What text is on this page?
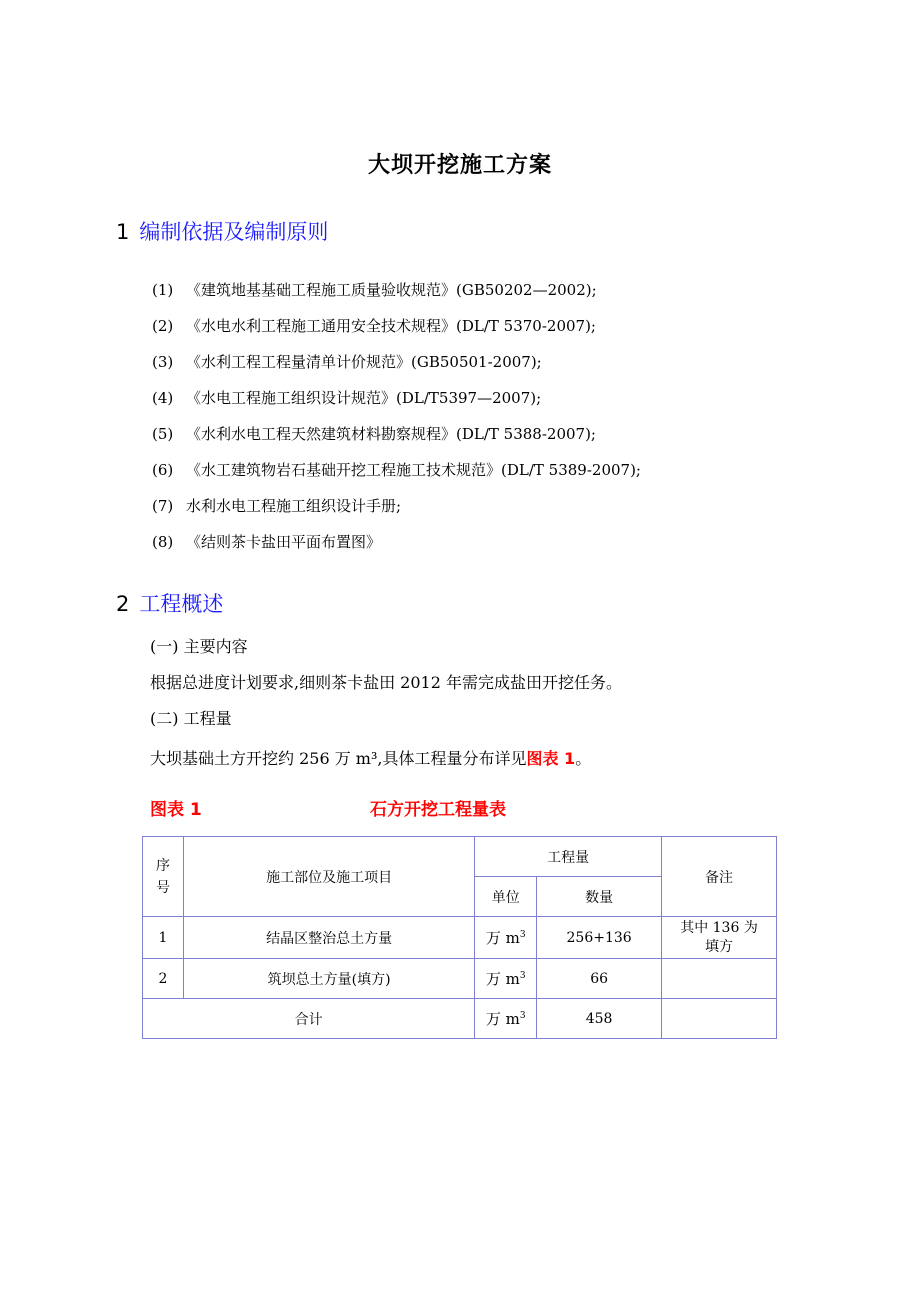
大坝开挖施工方案
1 编制依据及编制原则
(1) 《建筑地基基础工程施工质量验收规范》(GB50202—2002);
(2) 《水电水利工程施工通用安全技术规程》(DL/T 5370-2007);
(3) 《水利工程工程量清单计价规范》(GB50501-2007);
(4) 《水电工程施工组织设计规范》(DL/T5397—2007);
(5) 《水利水电工程天然建筑材料勘察规程》(DL/T 5388-2007);
(6) 《水工建筑物岩石基础开挖工程施工技术规范》(DL/T 5389-2007);
(7) 水利水电工程施工组织设计手册;
(8) 《结则茶卡盐田平面布置图》
2 工程概述
(一) 主要内容
根据总进度计划要求,细则茶卡盐田 2012 年需完成盐田开挖任务。
(二) 工程量
大坝基础土方开挖约 256 万 m³,具体工程量分布详见图表 1。
图表 1	石方开挖工程量表
序号	施工部位及施工项目	工程量		备注
		单位	数量	
1	结晶区整治总土方量	万 $m^3$	256+136	其中 136 为填方
2	筑坝总土方量(填方)	万 $m^3$	66	
合计		万 $m^3$	458	
